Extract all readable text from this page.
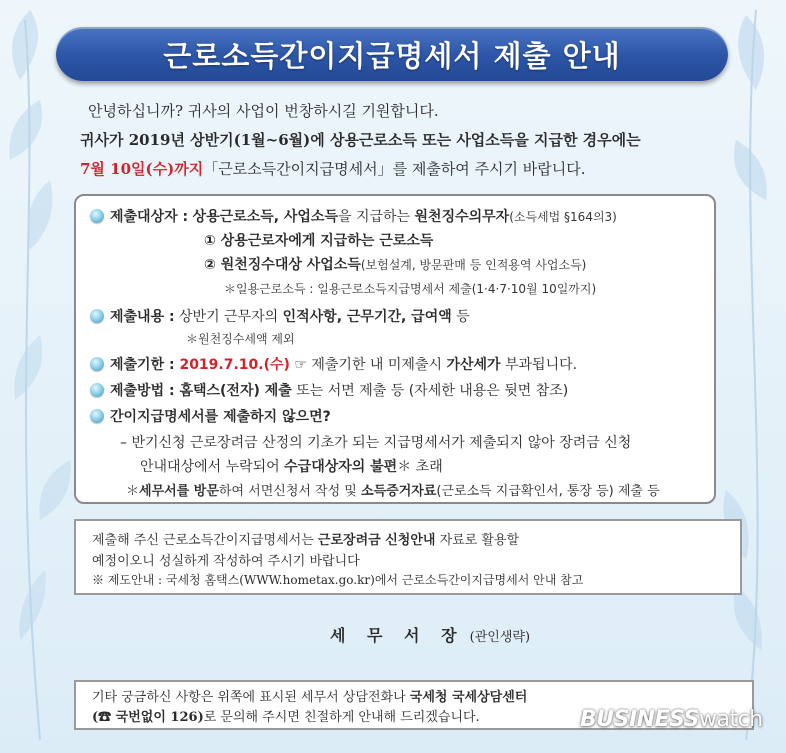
근로소득간이지급명세서 제출 안내
안녕하십니까? 귀사의 사업이 번창하시길 기원합니다.
귀사가 2019년 상반기(1월~6월)에 상용근로소득 또는 사업소득을 지급한 경우에는
7월 10일(수)까지「근로소득간이지급명세서」를 제출하여 주시기 바랍니다.
제출대상자 : 상용근로소득, 사업소득을 지급하는 원천징수의무자(소득세법 §164의3)
① 상용근로자에게 지급하는 근로소득
② 원천징수대상 사업소득(보험설계, 방문판매 등 인적용역 사업소득)
＊일용근로소득 : 일용근로소득지급명세서 제출(1·4·7·10월 10일까지)
제출내용 : 상반기 근무자의 인적사항, 근무기간, 급여액 등
＊원천징수세액 제외
제출기한 : 2019.7.10.(수) ☞ 제출기한 내 미제출시 가산세가 부과됩니다.
제출방법 : 홈택스(전자) 제출 또는 서면 제출 등 (자세한 내용은 뒷면 참조)
간이지급명세서를 제출하지 않으면?
– 반기신청 근로장려금 산정의 기초가 되는 지급명세서가 제출되지 않아 장려금 신청
안내대상에서 누락되어 수급대상자의 불편＊ 초래
＊세무서를 방문하여 서면신청서 작성 및 소득증거자료(근로소득 지급확인서, 통장 등) 제출 등
제출해 주신 근로소득간이지급명세서는 근로장려금 신청안내 자료로 활용할
예정이오니 성실하게 작성하여 주시기 바랍니다
※ 제도안내 : 국세청 홈택스(WWW.hometax.go.kr)에서 근로소득간이지급명세서 안내 참고
세 무 서 장 (관인생략)
기타 궁금하신 사항은 위쪽에 표시된 세무서 상담전화나 국세청 국세상담센터
(☎ 국번없이 126)로 문의해 주시면 친절하게 안내해 드리겠습니다.	BUSINESSwatch
